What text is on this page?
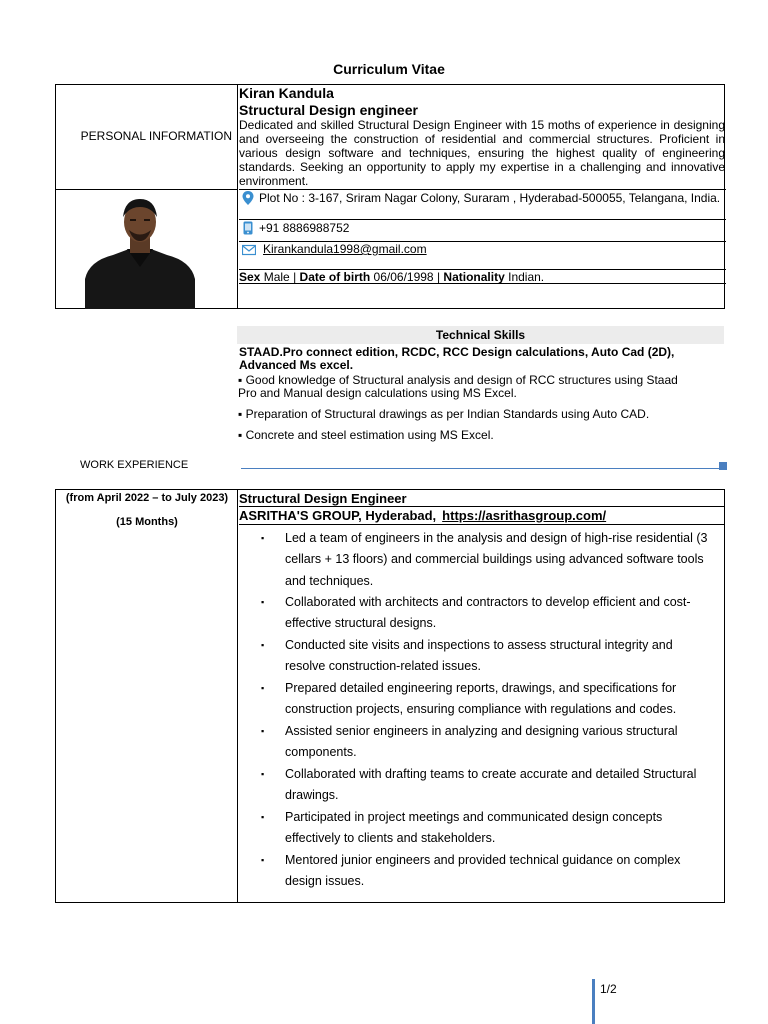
Curriculum Vitae
PERSONAL INFORMATION
Kiran Kandula
Structural Design engineer
Dedicated and skilled Structural Design Engineer with 15 moths of experience in designing and overseeing the construction of residential and commercial structures. Proficient in various design software and techniques, ensuring the highest quality of engineering standards. Seeking an opportunity to apply my expertise in a challenging and innovative environment.
Plot No : 3-167, Sriram Nagar Colony, Suraram , Hyderabad-500055, Telangana, India.
+91 8886988752
Kirankandula1998@gmail.com
Sex Male | Date of birth 06/06/1998 | Nationality Indian.
Technical Skills
STAAD.Pro connect edition, RCDC, RCC Design calculations, Auto Cad (2D), Advanced Ms excel.
▪ Good knowledge of Structural analysis and design of RCC structures using Staad Pro and Manual design calculations using MS Excel.
▪ Preparation of Structural drawings as per Indian Standards using Auto CAD.
▪ Concrete and steel estimation using MS Excel.
WORK EXPERIENCE
(from April 2022 – to July 2023)
(15 Months)
Structural Design Engineer
ASRITHA'S GROUP, Hyderabad, https://asrithasgroup.com/
▪ Led a team of engineers in the analysis and design of high-rise residential (3 cellars + 13 floors) and commercial buildings using advanced software tools and techniques.
▪ Collaborated with architects and contractors to develop efficient and cost-effective structural designs.
▪ Conducted site visits and inspections to assess structural integrity and resolve construction-related issues.
▪ Prepared detailed engineering reports, drawings, and specifications for construction projects, ensuring compliance with regulations and codes.
▪ Assisted senior engineers in analyzing and designing various structural components.
▪ Collaborated with drafting teams to create accurate and detailed Structural drawings.
▪ Participated in project meetings and communicated design concepts effectively to clients and stakeholders.
▪ Mentored junior engineers and provided technical guidance on complex design issues.
1/2
